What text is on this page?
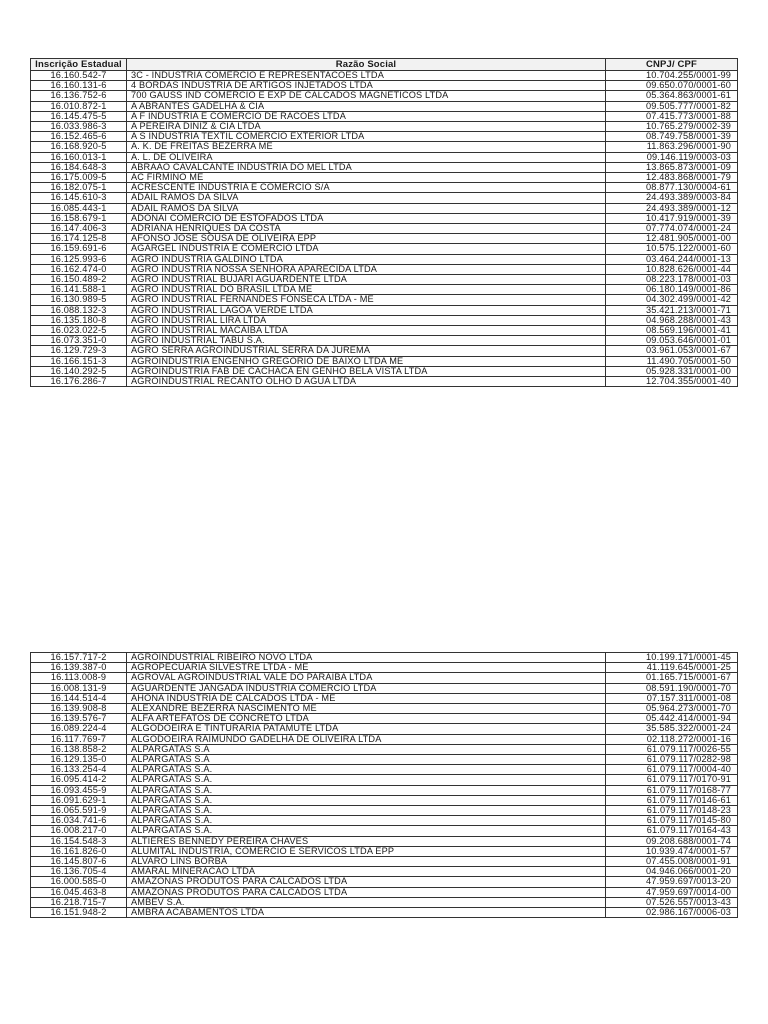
Inscrição Estadual	Razão Social	CNPJ/ CPF
16.160.542-7	3C - INDUSTRIA COMERCIO E REPRESENTACOES LTDA	10.704.255/0001-99
16.160.131-6	4 BORDAS INDUSTRIA DE ARTIGOS INJETADOS LTDA	09.650.070/0001-60
16.136.752-6	700 GAUSS IND COMERCIO E EXP DE CALCADOS MAGNETICOS LTDA	05.364.863/0001-61
16.010.872-1	A ABRANTES GADELHA & CIA	09.505.777/0001-82
16.145.475-5	A F INDUSTRIA E COMERCIO DE RACOES LTDA	07.415.773/0001-88
16.033.986-3	A PEREIRA DINIZ & CIA LTDA	10.765.279/0002-39
16.152.465-6	A S INDUSTRIA TEXTIL COMERCIO EXTERIOR LTDA	08.749.758/0001-39
16.168.920-5	A. K. DE FREITAS BEZERRA ME	11.863.296/0001-90
16.160.013-1	A. L. DE OLIVEIRA	09.146.119/0003-03
16.184.648-3	ABRAAO CAVALCANTE INDUSTRIA DO MEL LTDA	13.865.873/0001-09
16.175.009-5	AC FIRMINO ME	12.483.868/0001-79
16.182.075-1	ACRESCENTE INDUSTRIA E COMERCIO S/A	08.877.130/0004-61
16.145.610-3	ADAIL RAMOS DA SILVA	24.493.389/0003-84
16.085.443-1	ADAIL RAMOS DA SILVA	24.493.389/0001-12
16.158.679-1	ADONAI COMERCIO DE ESTOFADOS LTDA	10.417.919/0001-39
16.147.406-3	ADRIANA HENRIQUES DA COSTA	07.774.074/0001-24
16.174.125-8	AFONSO JOSE SOUSA DE OLIVEIRA EPP	12.481.905/0001-00
16.159.691-6	AGARGEL INDUSTRIA E COMERCIO LTDA	10.575.122/0001-60
16.125.993-6	AGRO INDUSTRIA GALDINO LTDA	03.464.244/0001-13
16.162.474-0	AGRO INDUSTRIA NOSSA SENHORA APARECIDA LTDA	10.828.626/0001-44
16.150.489-2	AGRO INDUSTRIAL BUJARI AGUARDENTE LTDA	08.223.178/0001-03
16.141.588-1	AGRO INDUSTRIAL DO BRASIL LTDA ME	06.180.149/0001-86
16.130.989-5	AGRO INDUSTRIAL FERNANDES FONSECA LTDA - ME	04.302.499/0001-42
16.088.132-3	AGRO INDUSTRIAL LAGOA VERDE LTDA	35.421.213/0001-71
16.135.180-8	AGRO INDUSTRIAL LIRA LTDA	04.968.288/0001-43
16.023.022-5	AGRO INDUSTRIAL MACAIBA LTDA	08.569.196/0001-41
16.073.351-0	AGRO INDUSTRIAL TABU S.A.	09.053.646/0001-01
16.129.729-3	AGRO SERRA AGROINDUSTRIAL SERRA DA JUREMA	03.961.053/0001-67
16.166.151-3	AGROINDUSTRIA ENGENHO GREGORIO DE BAIXO LTDA ME	11.490.705/0001-50
16.140.292-5	AGROINDUSTRIA FAB DE CACHACA EN GENHO BELA VISTA LTDA	05.928.331/0001-00
16.176.286-7	AGROINDUSTRIAL RECANTO OLHO D AGUA LTDA	12.704.355/0001-40
16.157.717-2	AGROINDUSTRIAL RIBEIRO NOVO LTDA	10.199.171/0001-45
16.139.387-0	AGROPECUARIA SILVESTRE LTDA - ME	41.119.645/0001-25
16.113.008-9	AGROVAL AGROINDUSTRIAL VALE DO PARAIBA LTDA	01.165.715/0001-67
16.008.131-9	AGUARDENTE JANGADA INDUSTRIA COMERCIO LTDA	08.591.190/0001-70
16.144.514-4	AHONA INDUSTRIA DE CALCADOS LTDA - ME	07.157.311/0001-08
16.139.908-8	ALEXANDRE BEZERRA NASCIMENTO ME	05.964.273/0001-70
16.139.576-7	ALFA ARTEFATOS DE CONCRETO LTDA	05.442.414/0001-94
16.089.224-4	ALGODOEIRA E TINTURARIA PATAMUTE LTDA	35.585.322/0001-24
16.117.769-7	ALGODOEIRA RAIMUNDO GADELHA DE OLIVEIRA LTDA	02.118.272/0001-16
16.138.858-2	ALPARGATAS S.A	61.079.117/0026-55
16.129.135-0	ALPARGATAS S.A	61.079.117/0282-98
16.133.254-4	ALPARGATAS S.A.	61.079.117/0004-40
16.095.414-2	ALPARGATAS S.A.	61.079.117/0170-91
16.093.455-9	ALPARGATAS S.A.	61.079.117/0168-77
16.091.629-1	ALPARGATAS S.A.	61.079.117/0146-61
16.065.591-9	ALPARGATAS S.A.	61.079.117/0148-23
16.034.741-6	ALPARGATAS S.A.	61.079.117/0145-80
16.008.217-0	ALPARGATAS S.A.	61.079.117/0164-43
16.154.548-3	ALTIERES BENNEDY PEREIRA CHAVES	09.208.688/0001-74
16.161.826-0	ALUMITAL INDUSTRIA, COMERCIO E SERVICOS LTDA EPP	10.939.474/0001-57
16.145.807-6	ALVARO LINS BORBA	07.455.008/0001-91
16.136.705-4	AMARAL MINERACAO LTDA	04.946.066/0001-20
16.000.585-0	AMAZONAS PRODUTOS PARA CALCADOS LTDA	47.959.697/0013-20
16.045.463-8	AMAZONAS PRODUTOS PARA CALCADOS LTDA	47.959.697/0014-00
16.218.715-7	AMBEV S.A.	07.526.557/0013-43
16.151.948-2	AMBRA ACABAMENTOS LTDA	02.986.167/0006-03
